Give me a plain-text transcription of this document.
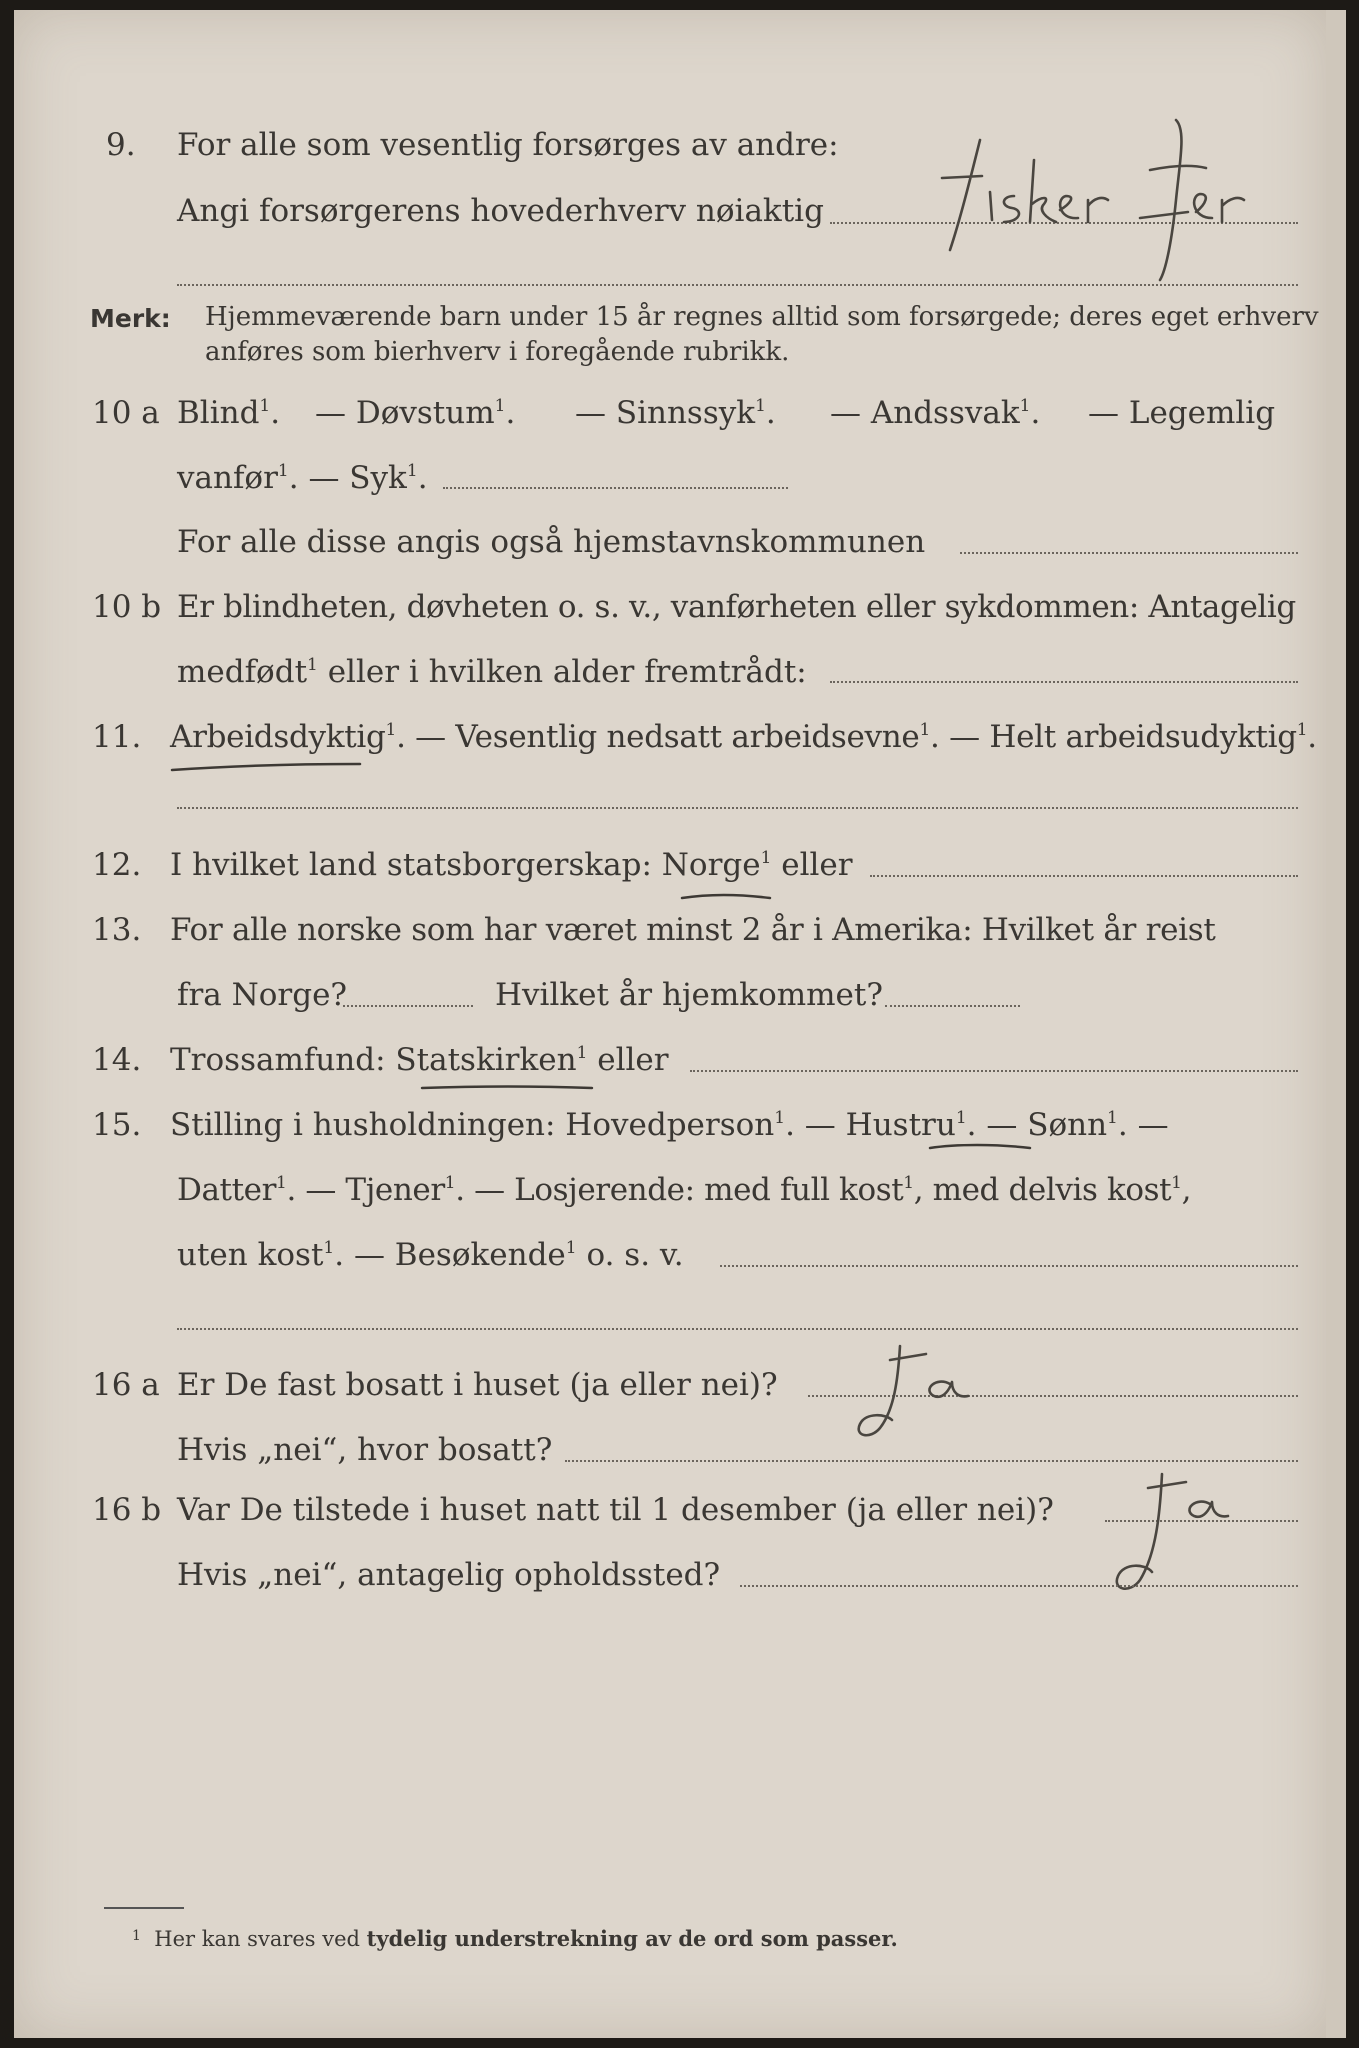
9. For alle som vesentlig forsørges av andre:
Angi forsørgerens hovederhverv nøiaktig
Merk: Hjemmeværende barn under 15 år regnes alltid som forsørgede; deres eget erhverv
anføres som bierhverv i foregående rubrikk.
10 a Blind$^1$. — Døvstum$^1$. — Sinnssyk$^1$. — Andssvak$^1$. — Legemlig
vanfør$^1$. — Syk$^1$.
For alle disse angis også hjemstavnskommunen
10 b Er blindheten, døvheten o. s. v., vanførheten eller sykdommen: Antagelig
medfødt$^1$ eller i hvilken alder fremtrådt:
11. Arbeidsdyktig$^1$. — Vesentlig nedsatt arbeidsevne$^1$. — Helt arbeidsudyktig$^1$.
12. I hvilket land statsborgerskap: Norge$^1$ eller
13. For alle norske som har været minst 2 år i Amerika: Hvilket år reist
fra Norge?	Hvilket år hjemkommet?
14. Trossamfund: Statskirken$^1$ eller
15. Stilling i husholdningen: Hovedperson$^1$. — Hustru$^1$. — Sønn$^1$. —
Datter$^1$. — Tjener$^1$. — Losjerende: med full kost$^1$, med delvis kost$^1$,
uten kost$^1$. — Besøkende$^1$ o. s. v.
16 a Er De fast bosatt i huset (ja eller nei)?
Hvis „nei“, hvor bosatt?
16 b Var De tilstede i huset natt til 1 desember (ja eller nei)?
Hvis „nei“, antagelig opholdssted?
$^1$ Her kan svares ved tydelig understrekning av de ord som passer.
